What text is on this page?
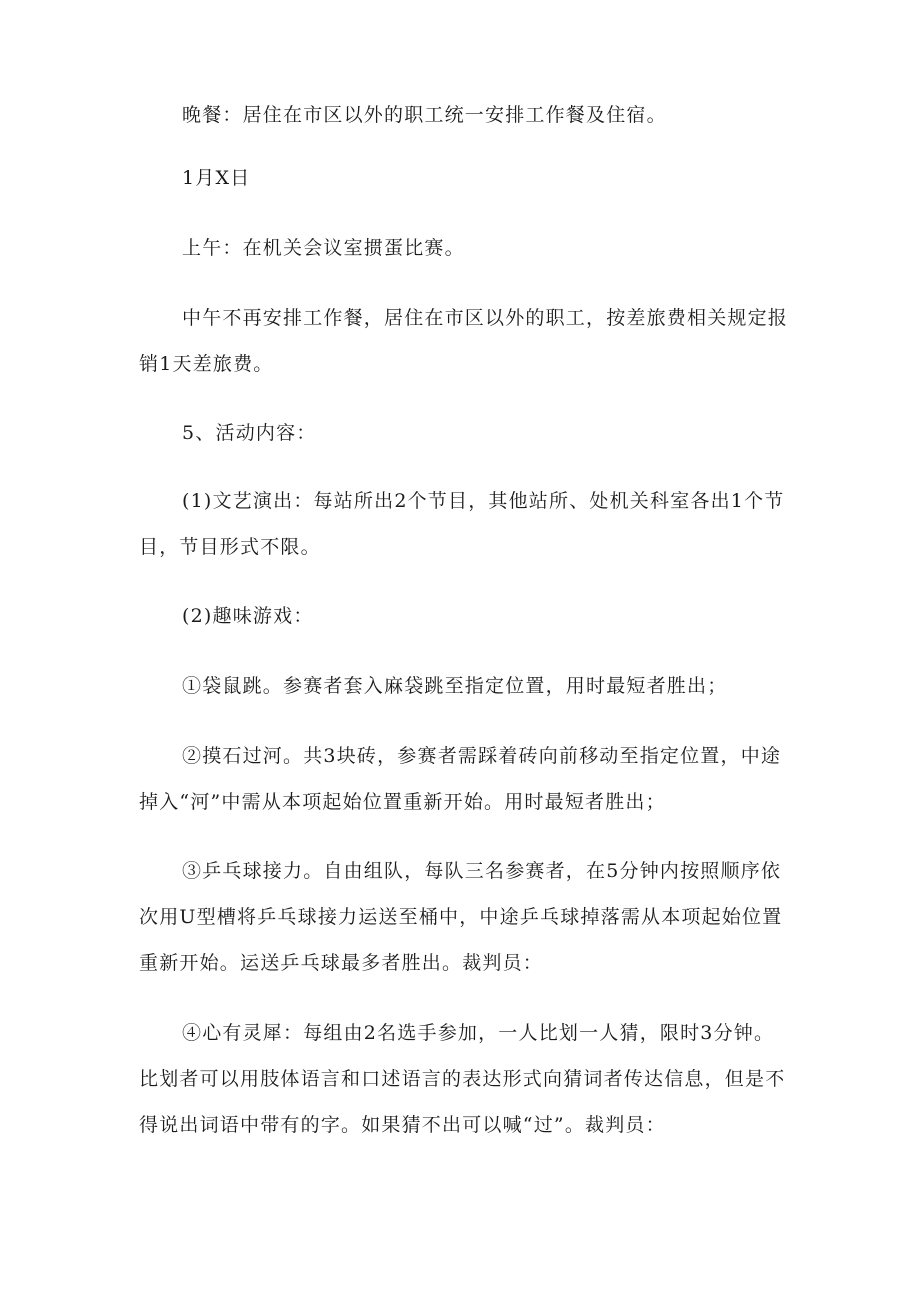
晚餐：居住在市区以外的职工统一安排工作餐及住宿。

1月X日

上午：在机关会议室掼蛋比赛。

中午不再安排工作餐，居住在市区以外的职工，按差旅费相关规定报销1天差旅费。

5、活动内容：

(1)文艺演出：每站所出2个节目，其他站所、处机关科室各出1个节目，节目形式不限。

(2)趣味游戏：

①袋鼠跳。参赛者套入麻袋跳至指定位置，用时最短者胜出；

②摸石过河。共3块砖，参赛者需踩着砖向前移动至指定位置，中途掉入“河”中需从本项起始位置重新开始。用时最短者胜出；

③乒乓球接力。自由组队，每队三名参赛者，在5分钟内按照顺序依次用U型槽将乒乓球接力运送至桶中，中途乒乓球掉落需从本项起始位置重新开始。运送乒乓球最多者胜出。裁判员：

④心有灵犀：每组由2名选手参加，一人比划一人猜，限时3分钟。比划者可以用肢体语言和口述语言的表达形式向猜词者传达信息，但是不得说出词语中带有的字。如果猜不出可以喊“过”。裁判员：
